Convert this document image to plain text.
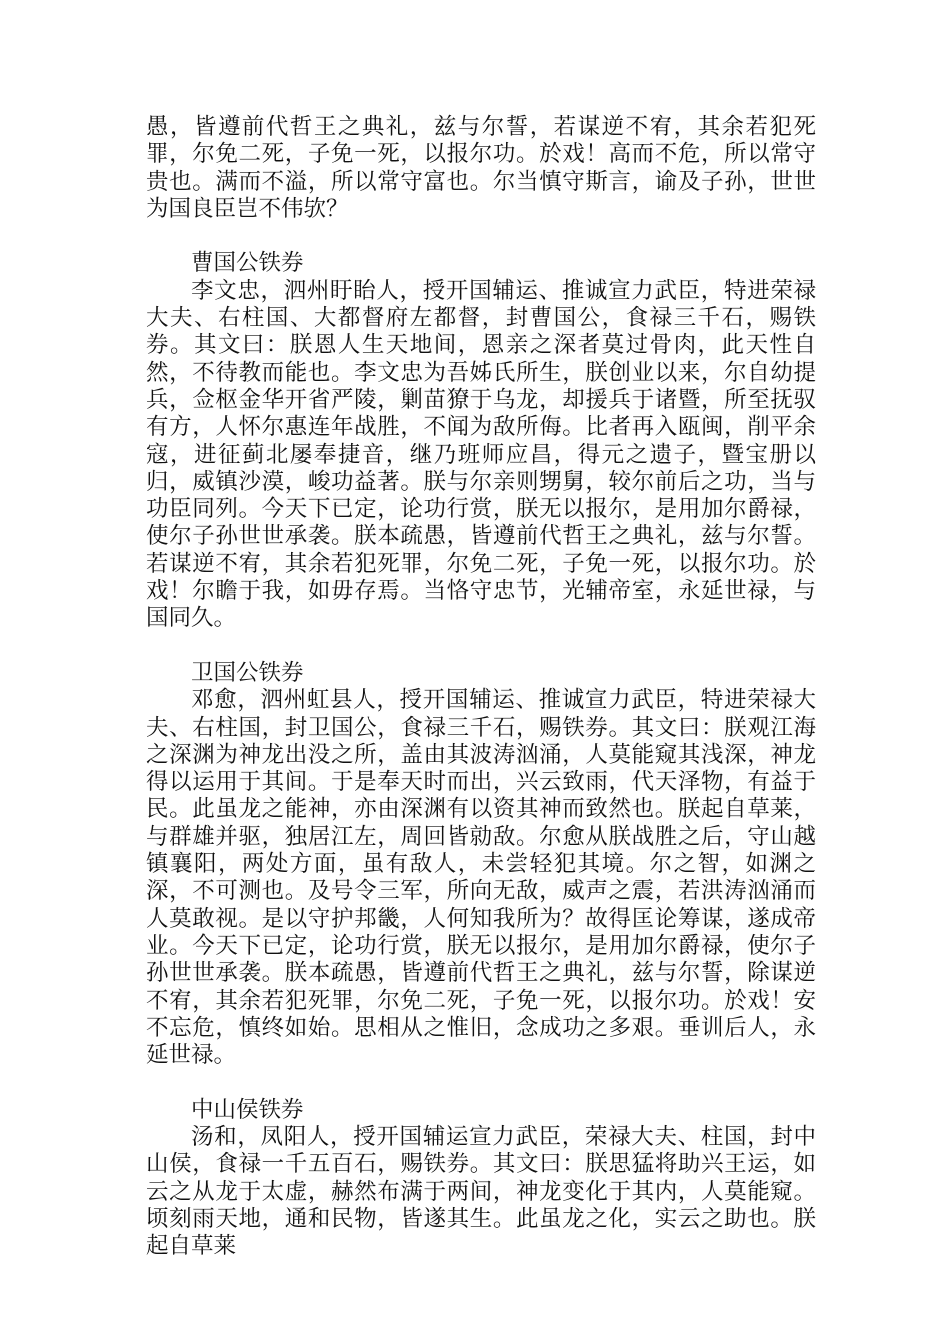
愚，皆遵前代哲王之典礼，兹与尔誓，若谋逆不宥，其余若犯死罪，尔免二死，子免一死，以报尔功。於戏！高而不危，所以常守贵也。满而不溢，所以常守富也。尔当慎守斯言，谕及子孙，世世为国良臣岂不伟欤？

曹国公铁券

李文忠，泗州盱眙人，授开国辅运、推诚宣力武臣，特进荣禄大夫、右柱国、大都督府左都督，封曹国公，食禄三千石，赐铁券。其文曰：朕恩人生天地间，恩亲之深者莫过骨肉，此天性自然，不待教而能也。李文忠为吾姊氏所生，朕创业以来，尔自幼提兵，佥枢金华开省严陵，剿苗獠于乌龙，却援兵于诸暨，所至抚驭有方，人怀尔惠连年战胜，不闻为敌所侮。比者再入瓯闽，削平余寇，进征蓟北屡奉捷音，继乃班师应昌，得元之遗子，暨宝册以归，威镇沙漠，峻功益著。朕与尔亲则甥舅，较尔前后之功，当与功臣同列。今天下已定，论功行赏，朕无以报尔，是用加尔爵禄，使尔子孙世世承袭。朕本疏愚，皆遵前代哲王之典礼，兹与尔誓。若谋逆不宥，其余若犯死罪，尔免二死，子免一死，以报尔功。於戏！尔瞻于我，如毋存焉。当恪守忠节，光辅帝室，永延世禄，与国同久。

卫国公铁券

邓愈，泗州虹县人，授开国辅运、推诚宣力武臣，特进荣禄大夫、右柱国，封卫国公，食禄三千石，赐铁券。其文曰：朕观江海之深渊为神龙出没之所，盖由其波涛汹涌，人莫能窥其浅深，神龙得以运用于其间。于是奉天时而出，兴云致雨，代天泽物，有益于民。此虽龙之能神，亦由深渊有以资其神而致然也。朕起自草莱，与群雄并驱，独居江左，周回皆勍敌。尔愈从朕战胜之后，守山越镇襄阳，两处方面，虽有敌人，未尝轻犯其境。尔之智，如渊之深，不可测也。及号令三军，所向无敌，威声之震，若洪涛汹涌而人莫敢视。是以守护邦畿，人何知我所为？故得匡论筹谋，遂成帝业。今天下已定，论功行赏，朕无以报尔，是用加尔爵禄，使尔子孙世世承袭。朕本疏愚，皆遵前代哲王之典礼，兹与尔誓，除谋逆不宥，其余若犯死罪，尔免二死，子免一死，以报尔功。於戏！安不忘危，慎终如始。思相从之惟旧，念成功之多艰。垂训后人，永延世禄。

中山侯铁券

汤和，凤阳人，授开国辅运宣力武臣，荣禄大夫、柱国，封中山侯，食禄一千五百石，赐铁券。其文曰：朕思猛将助兴王运，如云之从龙于太虚，赫然布满于两间，神龙变化于其内，人莫能窥。顷刻雨天地，通和民物，皆遂其生。此虽龙之化，实云之助也。朕起自草莱
